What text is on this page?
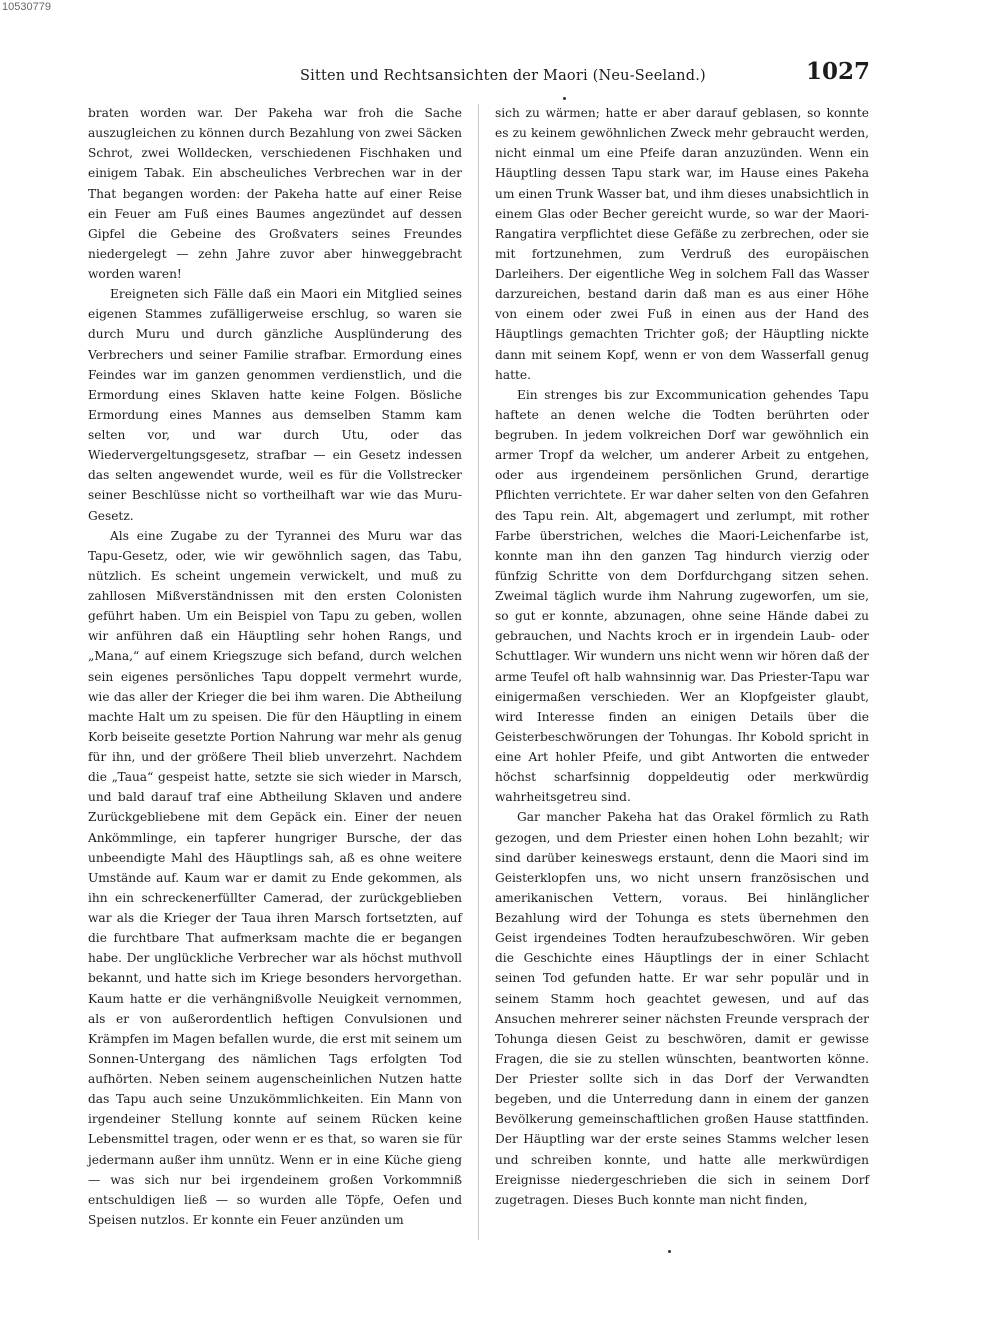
10530779
Sitten und Rechtsansichten der Maori (Neu-Seeland.)	1027

braten worden war. Der Pakeha war froh die Sache auszugleichen zu können durch Bezahlung von zwei Säcken Schrot, zwei Wolldecken, verschiedenen Fischhaken und einigem Tabak. Ein abscheuliches Verbrechen war in der That begangen worden: der Pakeha hatte auf einer Reise ein Feuer am Fuß eines Baumes angezündet auf dessen Gipfel die Gebeine des Großvaters seines Freundes niedergelegt — zehn Jahre zuvor aber hinweggebracht worden waren!

Ereigneten sich Fälle daß ein Maori ein Mitglied seines eigenen Stammes zufälligerweise erschlug, so waren sie durch Muru und durch gänzliche Ausplünderung des Verbrechers und seiner Familie strafbar. Ermordung eines Feindes war im ganzen genommen verdienstlich, und die Ermordung eines Sklaven hatte keine Folgen. Bösliche Ermordung eines Mannes aus demselben Stamm kam selten vor, und war durch Utu, oder das Wiedervergeltungsgesetz, strafbar — ein Gesetz indessen das selten angewendet wurde, weil es für die Vollstrecker seiner Beschlüsse nicht so vortheilhaft war wie das Muru-Gesetz.

Als eine Zugabe zu der Tyrannei des Muru war das Tapu-Gesetz, oder, wie wir gewöhnlich sagen, das Tabu, nützlich. Es scheint ungemein verwickelt, und muß zu zahllosen Mißverständnissen mit den ersten Colonisten geführt haben. Um ein Beispiel von Tapu zu geben, wollen wir anführen daß ein Häuptling sehr hohen Rangs, und „Mana,“ auf einem Kriegszuge sich befand, durch welchen sein eigenes persönliches Tapu doppelt vermehrt wurde, wie das aller der Krieger die bei ihm waren. Die Abtheilung machte Halt um zu speisen. Die für den Häuptling in einem Korb beiseite gesetzte Portion Nahrung war mehr als genug für ihn, und der größere Theil blieb unverzehrt. Nachdem die „Taua“ gespeist hatte, setzte sie sich wieder in Marsch, und bald darauf traf eine Abtheilung Sklaven und andere Zurückgebliebene mit dem Gepäck ein. Einer der neuen Ankömmlinge, ein tapferer hungriger Bursche, der das unbeendigte Mahl des Häuptlings sah, aß es ohne weitere Umstände auf. Kaum war er damit zu Ende gekommen, als ihn ein schreckenerfüllter Camerad, der zurückgeblieben war als die Krieger der Taua ihren Marsch fortsetzten, auf die furchtbare That aufmerksam machte die er begangen habe. Der unglückliche Verbrecher war als höchst muthvoll bekannt, und hatte sich im Kriege besonders hervorgethan. Kaum hatte er die verhängnißvolle Neuigkeit vernommen, als er von außerordentlich heftigen Convulsionen und Krämpfen im Magen befallen wurde, die erst mit seinem um Sonnen-Untergang des nämlichen Tags erfolgten Tod aufhörten. Neben seinem augenscheinlichen Nutzen hatte das Tapu auch seine Unzukömmlichkeiten. Ein Mann von irgendeiner Stellung konnte auf seinem Rücken keine Lebensmittel tragen, oder wenn er es that, so waren sie für jedermann außer ihm unnütz. Wenn er in eine Küche gieng — was sich nur bei irgendeinem großen Vorkommniß entschuldigen ließ — so wurden alle Töpfe, Oefen und Speisen nutzlos. Er konnte ein Feuer anzünden um

sich zu wärmen; hatte er aber darauf geblasen, so konnte es zu keinem gewöhnlichen Zweck mehr gebraucht werden, nicht einmal um eine Pfeife daran anzuzünden. Wenn ein Häuptling dessen Tapu stark war, im Hause eines Pakeha um einen Trunk Wasser bat, und ihm dieses unabsichtlich in einem Glas oder Becher gereicht wurde, so war der Maori-Rangatira verpflichtet diese Gefäße zu zerbrechen, oder sie mit fortzunehmen, zum Verdruß des europäischen Darleihers. Der eigentliche Weg in solchem Fall das Wasser darzureichen, bestand darin daß man es aus einer Höhe von einem oder zwei Fuß in einen aus der Hand des Häuptlings gemachten Trichter goß; der Häuptling nickte dann mit seinem Kopf, wenn er von dem Wasserfall genug hatte.

Ein strenges bis zur Excommunication gehendes Tapu haftete an denen welche die Todten berührten oder begruben. In jedem volkreichen Dorf war gewöhnlich ein armer Tropf da welcher, um anderer Arbeit zu entgehen, oder aus irgendeinem persönlichen Grund, derartige Pflichten verrichtete. Er war daher selten von den Gefahren des Tapu rein. Alt, abgemagert und zerlumpt, mit rother Farbe überstrichen, welches die Maori-Leichenfarbe ist, konnte man ihn den ganzen Tag hindurch vierzig oder fünfzig Schritte von dem Dorfdurchgang sitzen sehen. Zweimal täglich wurde ihm Nahrung zugeworfen, um sie, so gut er konnte, abzunagen, ohne seine Hände dabei zu gebrauchen, und Nachts kroch er in irgendein Laub- oder Schuttlager. Wir wundern uns nicht wenn wir hören daß der arme Teufel oft halb wahnsinnig war. Das Priester-Tapu war einigermaßen verschieden. Wer an Klopfgeister glaubt, wird Interesse finden an einigen Details über die Geisterbeschwörungen der Tohungas. Ihr Kobold spricht in eine Art hohler Pfeife, und gibt Antworten die entweder höchst scharfsinnig doppeldeutig oder merkwürdig wahrheitsgetreu sind.

Gar mancher Pakeha hat das Orakel förmlich zu Rath gezogen, und dem Priester einen hohen Lohn bezahlt; wir sind darüber keineswegs erstaunt, denn die Maori sind im Geisterklopfen uns, wo nicht unsern französischen und amerikanischen Vettern, voraus. Bei hinlänglicher Bezahlung wird der Tohunga es stets übernehmen den Geist irgendeines Todten heraufzubeschwören. Wir geben die Geschichte eines Häuptlings der in einer Schlacht seinen Tod gefunden hatte. Er war sehr populär und in seinem Stamm hoch geachtet gewesen, und auf das Ansuchen mehrerer seiner nächsten Freunde versprach der Tohunga diesen Geist zu beschwören, damit er gewisse Fragen, die sie zu stellen wünschten, beantworten könne. Der Priester sollte sich in das Dorf der Verwandten begeben, und die Unterredung dann in einem der ganzen Bevölkerung gemeinschaftlichen großen Hause stattfinden. Der Häuptling war der erste seines Stamms welcher lesen und schreiben konnte, und hatte alle merkwürdigen Ereignisse niedergeschrieben die sich in seinem Dorf zugetragen. Dieses Buch konnte man nicht finden,
